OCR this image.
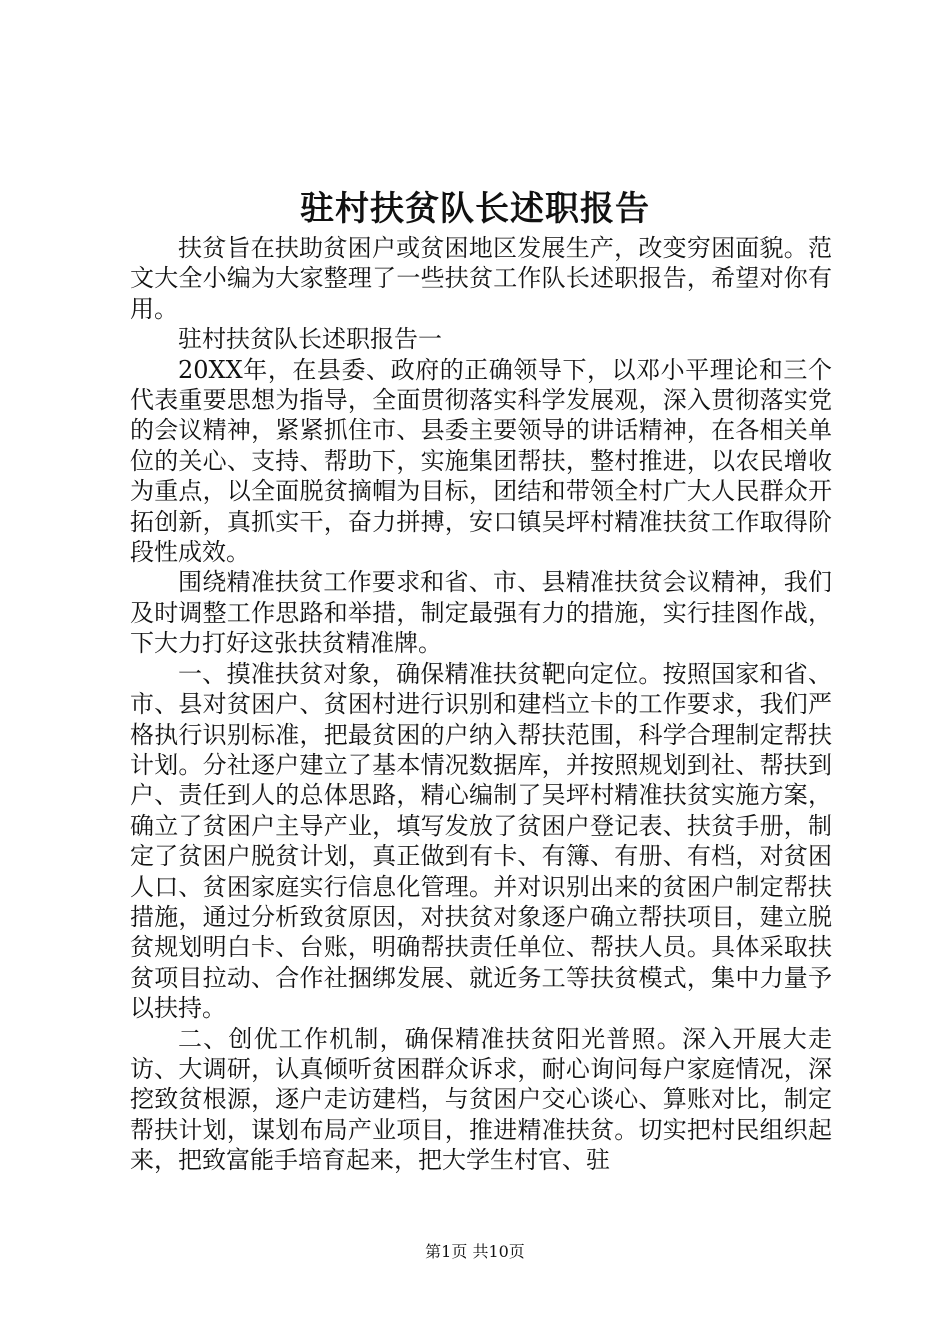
驻村扶贫队长述职报告

扶贫旨在扶助贫困户或贫困地区发展生产，改变穷困面貌。范文大全小编为大家整理了一些扶贫工作队长述职报告，希望对你有用。

驻村扶贫队长述职报告一

20XX年，在县委、政府的正确领导下，以邓小平理论和三个代表重要思想为指导，全面贯彻落实科学发展观，深入贯彻落实党的会议精神，紧紧抓住市、县委主要领导的讲话精神，在各相关单位的关心、支持、帮助下，实施集团帮扶，整村推进，以农民增收为重点，以全面脱贫摘帽为目标，团结和带领全村广大人民群众开拓创新，真抓实干，奋力拼搏，安口镇吴坪村精准扶贫工作取得阶段性成效。

围绕精准扶贫工作要求和省、市、县精准扶贫会议精神，我们及时调整工作思路和举措，制定最强有力的措施，实行挂图作战，下大力打好这张扶贫精准牌。

一、摸准扶贫对象，确保精准扶贫靶向定位。按照国家和省、市、县对贫困户、贫困村进行识别和建档立卡的工作要求，我们严格执行识别标准，把最贫困的户纳入帮扶范围，科学合理制定帮扶计划。分社逐户建立了基本情况数据库，并按照规划到社、帮扶到户、责任到人的总体思路，精心编制了吴坪村精准扶贫实施方案，确立了贫困户主导产业，填写发放了贫困户登记表、扶贫手册，制定了贫困户脱贫计划，真正做到有卡、有簿、有册、有档，对贫困人口、贫困家庭实行信息化管理。并对识别出来的贫困户制定帮扶措施，通过分析致贫原因，对扶贫对象逐户确立帮扶项目，建立脱贫规划明白卡、台账，明确帮扶责任单位、帮扶人员。具体采取扶贫项目拉动、合作社捆绑发展、就近务工等扶贫模式，集中力量予以扶持。

二、创优工作机制，确保精准扶贫阳光普照。深入开展大走访、大调研，认真倾听贫困群众诉求，耐心询问每户家庭情况，深挖致贫根源，逐户走访建档，与贫困户交心谈心、算账对比，制定帮扶计划，谋划布局产业项目，推进精准扶贫。切实把村民组织起来，把致富能手培育起来，把大学生村官、驻

第1页 共10页
